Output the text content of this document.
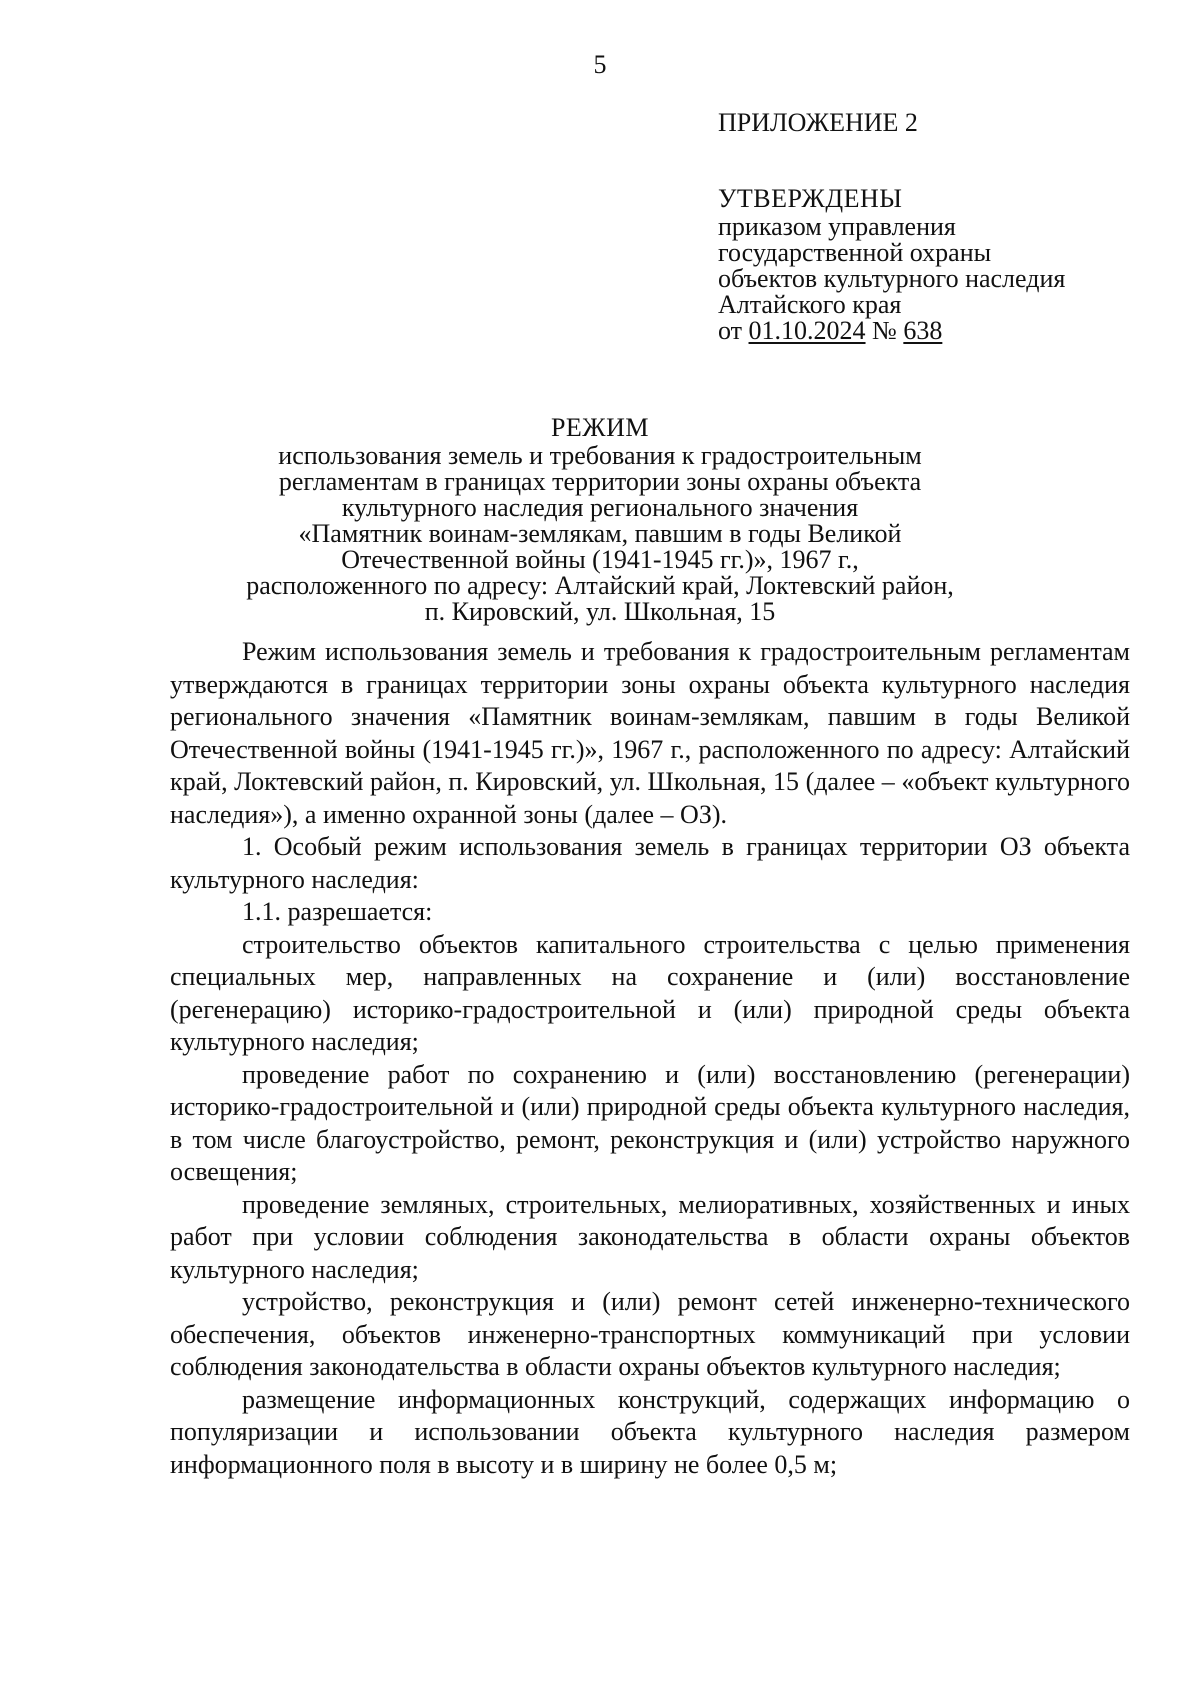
5
ПРИЛОЖЕНИЕ 2
УТВЕРЖДЕНЫ
приказом управления
государственной охраны
объектов культурного наследия
Алтайского края
от 01.10.2024 № 638
РЕЖИМ
использования земель и требования к градостроительным
регламентам в границах территории зоны охраны объекта
культурного наследия регионального значения
«Памятник воинам-землякам, павшим в годы Великой
Отечественной войны (1941-1945 гг.)», 1967 г.,
расположенного по адресу: Алтайский край, Локтевский район,
п. Кировский, ул. Школьная, 15

Режим использования земель и требования к градостроительным регламентам утверждаются в границах территории зоны охраны объекта культурного наследия регионального значения «Памятник воинам-землякам, павшим в годы Великой Отечественной войны (1941-1945 гг.)», 1967 г., расположенного по адресу: Алтайский край, Локтевский район, п. Кировский, ул. Школьная, 15 (далее – «объект культурного наследия»), а именно охранной зоны (далее – ОЗ).

1. Особый режим использования земель в границах территории ОЗ объекта культурного наследия:

1.1. разрешается:

строительство объектов капитального строительства с целью применения специальных мер, направленных на сохранение и (или) восстановление (регенерацию) историко-градостроительной и (или) природной среды объекта культурного наследия;

проведение работ по сохранению и (или) восстановлению (регенерации) историко-градостроительной и (или) природной среды объекта культурного наследия, в том числе благоустройство, ремонт, реконструкция и (или) устройство наружного освещения;

проведение земляных, строительных, мелиоративных, хозяйственных и иных работ при условии соблюдения законодательства в области охраны объектов культурного наследия;

устройство, реконструкция и (или) ремонт сетей инженерно-технического обеспечения, объектов инженерно-транспортных коммуникаций при условии соблюдения законодательства в области охраны объектов культурного наследия;

размещение информационных конструкций, содержащих информацию о популяризации и использовании объекта культурного наследия размером информационного поля в высоту и в ширину не более 0,5 м;
